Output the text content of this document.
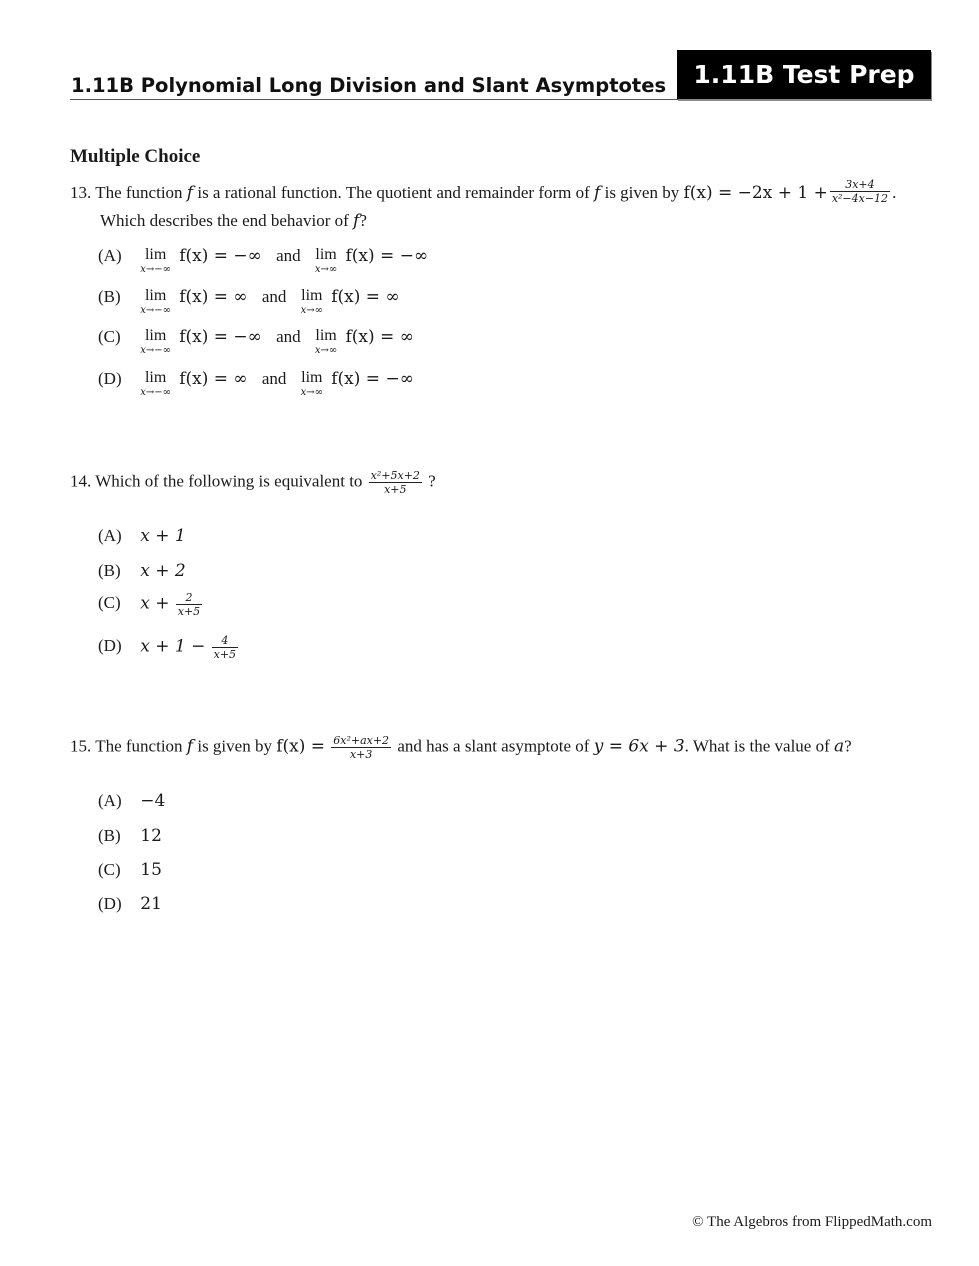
1.11B Polynomial Long Division and Slant Asymptotes	1.11B Test Prep
Multiple Choice
13. The function f is a rational function. The quotient and remainder form of f is given by $f(x) = -2x + 1 + \frac{3x+4}{\text{x²−4x−12}}$ .
Which describes the end behavior of f?
(A) lim
x→−∞
f(x) = −∞ and lim
x→∞
f(x) = −∞
(B) lim
x→−∞
f(x) = ∞ and lim
x→∞
f(x) = ∞
(C) lim
x→−∞
f(x) = −∞ and lim
x→∞
f(x) = ∞
(D) lim
x→−∞
f(x) = ∞ and lim
x→∞
f(x) = −∞
14. Which of the following is equivalent to $\frac{\text{x²+5x+2}}{x+5}$ ?
(A) x + 1
(B) x + 2
(C) $x + \frac{2}{x+5}$
(D) $x + 1 - \frac{4}{x+5}$
15. The function f is given by $f(x) = \frac{\text{6x²+ax+2}}{x+3}$ and has a slant asymptote of y = 6x + 3. What is the value of a?
(A) −4
(B) 12
(C) 15
(D) 21
© The Algebros from FlippedMath.com
